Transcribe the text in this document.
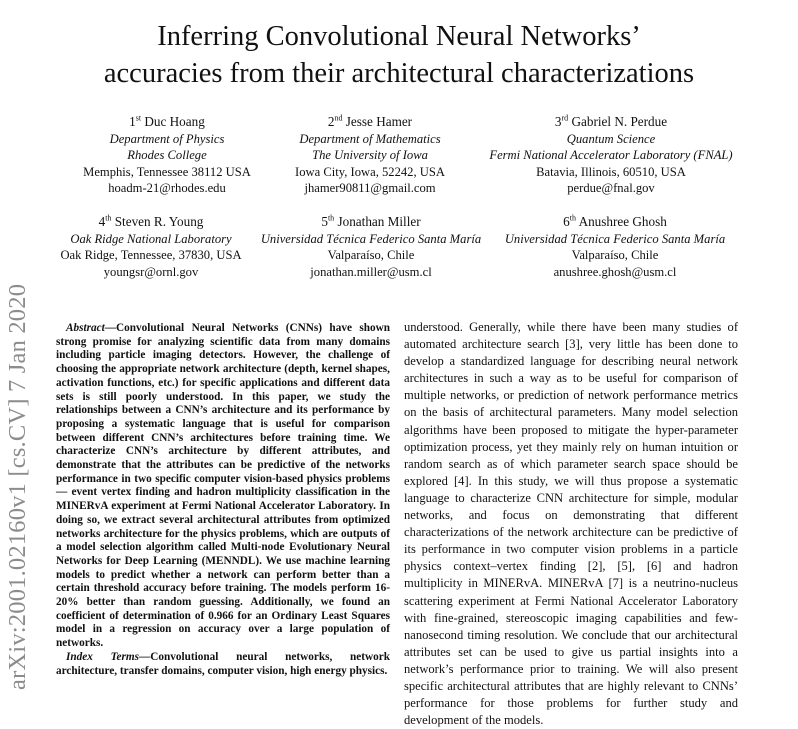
Inferring Convolutional Neural Networks’
accuracies from their architectural characterizations
1st Duc Hoang
Department of Physics
Rhodes College
Memphis, Tennessee 38112 USA
hoadm-21@rhodes.edu
2nd Jesse Hamer
Department of Mathematics
The University of Iowa
Iowa City, Iowa, 52242, USA
jhamer90811@gmail.com
3rd Gabriel N. Perdue
Quantum Science
Fermi National Accelerator Laboratory (FNAL)
Batavia, Illinois, 60510, USA
perdue@fnal.gov
4th Steven R. Young
Oak Ridge National Laboratory
Oak Ridge, Tennessee, 37830, USA
youngsr@ornl.gov
5th Jonathan Miller
Universidad Técnica Federico Santa María
Valparaíso, Chile
jonathan.miller@usm.cl
6th Anushree Ghosh
Universidad Técnica Federico Santa María
Valparaíso, Chile
anushree.ghosh@usm.cl
arXiv:2001.02160v1 [cs.CV] 7 Jan 2020	Abstract—Convolutional Neural Networks (CNNs) have shown strong promise for analyzing scientific data from many domains including particle imaging detectors. However, the challenge of choosing the appropriate network architecture (depth, kernel shapes, activation functions, etc.) for specific applications and different data sets is still poorly understood. In this paper, we study the relationships between a CNN’s architecture and its performance by proposing a systematic language that is useful for comparison between different CNN’s architectures before training time. We characterize CNN’s architecture by different attributes, and demonstrate that the attributes can be predictive of the networks performance in two specific computer vision-based physics problems — event vertex finding and hadron multiplicity classification in the MINERvA experiment at Fermi National Accelerator Laboratory. In doing so, we extract several architectural attributes from optimized networks architecture for the physics problems, which are outputs of a model selection algorithm called Multi-node Evolutionary Neural Networks for Deep Learning (MENNDL). We use machine learning models to predict whether a network can perform better than a certain threshold accuracy before training. The models perform 16-20% better than random guessing. Additionally, we found an coefficient of determination of 0.966 for an Ordinary Least Squares model in a regression on accuracy over a large population of networks.

Index Terms—Convolutional neural networks, network architecture, transfer domains, computer vision, high energy physics.

understood. Generally, while there have been many studies of automated architecture search [3], very little has been done to develop a standardized language for describing neural network architectures in such a way as to be useful for comparison of multiple networks, or prediction of network performance metrics on the basis of architectural parameters. Many model selection algorithms have been proposed to mitigate the hyper-parameter optimization process, yet they mainly rely on human intuition or random search as of which parameter search space should be explored [4]. In this study, we will thus propose a systematic language to characterize CNN architecture for simple, modular networks, and focus on demonstrating that different characterizations of the network architecture can be predictive of its performance in two computer vision problems in a particle physics context–vertex finding [2], [5], [6] and hadron multiplicity in MINERvA. MINERvA [7] is a neutrino-nucleus scattering experiment at Fermi National Accelerator Laboratory with fine-grained, stereoscopic imaging capabilities and few-nanosecond timing resolution. We conclude that our architectural attributes set can be used to give us partial insights into a network’s performance prior to training. We will also present specific architectural attributes that are highly relevant to CNNs’ performance for those problems for further study and development of the models.
